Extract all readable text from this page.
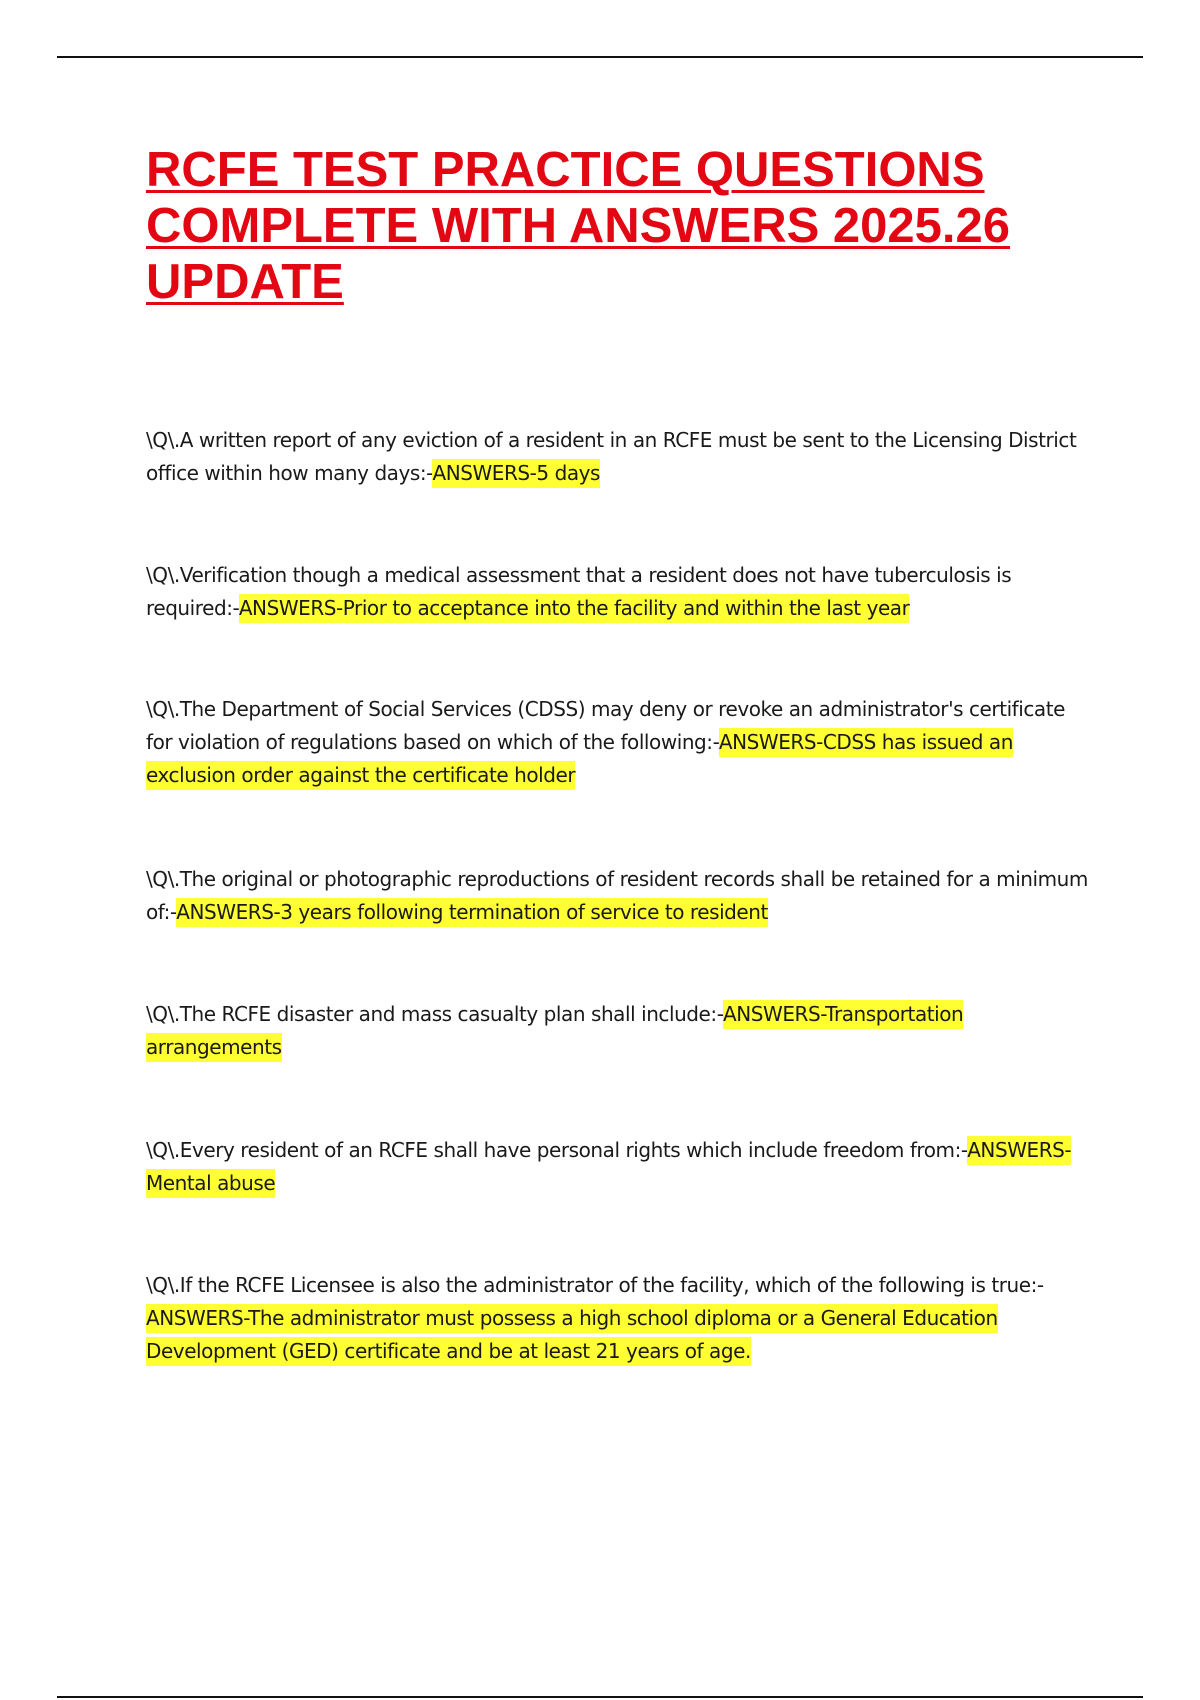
RCFE TEST PRACTICE QUESTIONS
COMPLETE WITH ANSWERS 2025.26
UPDATE

\Q\.A written report of any eviction of a resident in an RCFE must be sent to the Licensing District office within how many days:-ANSWERS-5 days

\Q\.Verification though a medical assessment that a resident does not have tuberculosis is required:-ANSWERS-Prior to acceptance into the facility and within the last year

\Q\.The Department of Social Services (CDSS) may deny or revoke an administrator's certificate for violation of regulations based on which of the following:-ANSWERS-CDSS has issued an exclusion order against the certificate holder

\Q\.The original or photographic reproductions of resident records shall be retained for a minimum of:-ANSWERS-3 years following termination of service to resident

\Q\.The RCFE disaster and mass casualty plan shall include:-ANSWERS-Transportation arrangements

\Q\.Every resident of an RCFE shall have personal rights which include freedom from:-ANSWERS-Mental abuse

\Q\.If the RCFE Licensee is also the administrator of the facility, which of the following is true:-ANSWERS-The administrator must possess a high school diploma or a General Education Development (GED) certificate and be at least 21 years of age.
